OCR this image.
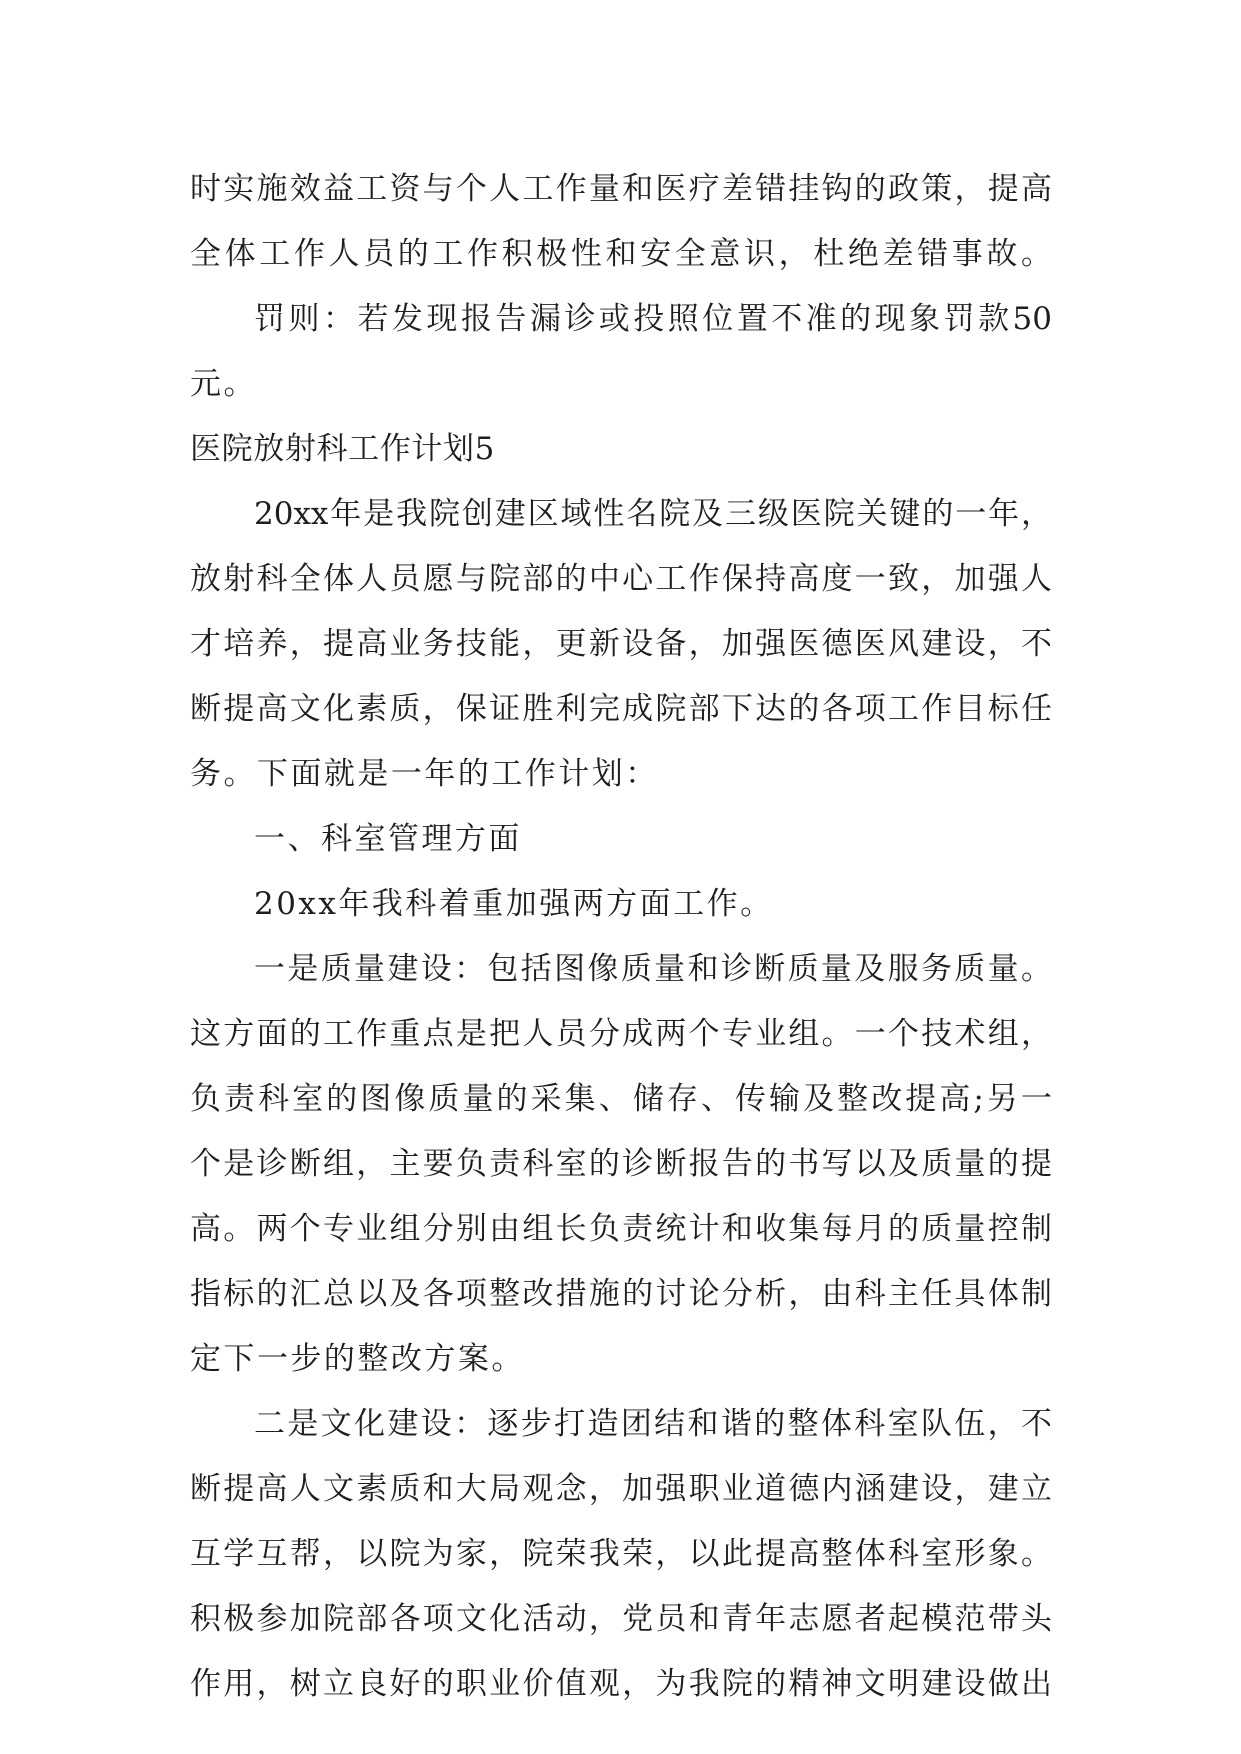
时实施效益工资与个人工作量和医疗差错挂钩的政策，提高
全体工作人员的工作积极性和安全意识，杜绝差错事故。
罚则：若发现报告漏诊或投照位置不准的现象罚款50
元。
医院放射科工作计划5
20xx年是我院创建区域性名院及三级医院关键的一年，
放射科全体人员愿与院部的中心工作保持高度一致，加强人
才培养，提高业务技能，更新设备，加强医德医风建设，不
断提高文化素质，保证胜利完成院部下达的各项工作目标任
务。下面就是一年的工作计划：
一、科室管理方面
20xx年我科着重加强两方面工作。
一是质量建设：包括图像质量和诊断质量及服务质量。
这方面的工作重点是把人员分成两个专业组。一个技术组，
负责科室的图像质量的采集、储存、传输及整改提高;另一
个是诊断组，主要负责科室的诊断报告的书写以及质量的提
高。两个专业组分别由组长负责统计和收集每月的质量控制
指标的汇总以及各项整改措施的讨论分析，由科主任具体制
定下一步的整改方案。
二是文化建设：逐步打造团结和谐的整体科室队伍，不
断提高人文素质和大局观念，加强职业道德内涵建设，建立
互学互帮，以院为家，院荣我荣，以此提高整体科室形象。
积极参加院部各项文化活动，党员和青年志愿者起模范带头
作用，树立良好的职业价值观，为我院的精神文明建设做出
